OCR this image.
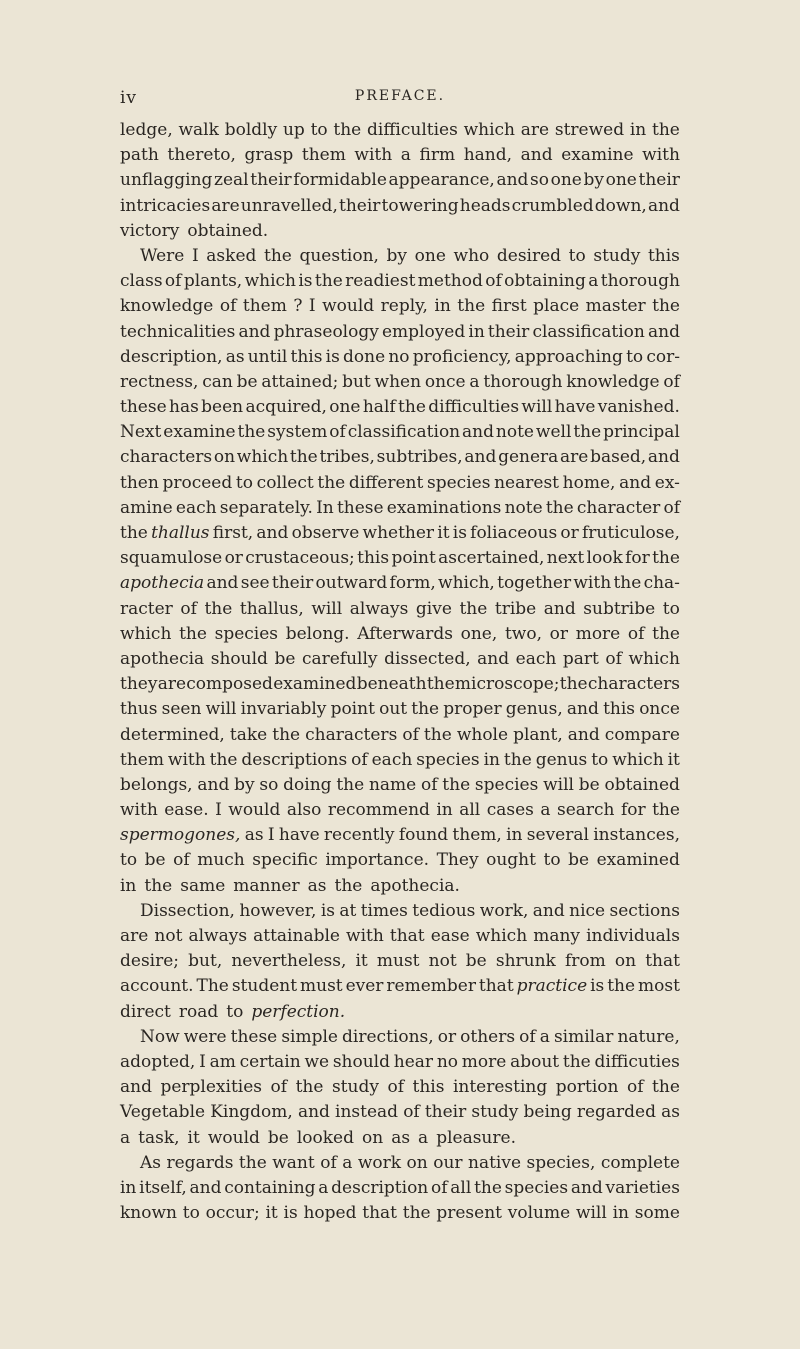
iv	PREFACE.
ledge, walk boldly up to the difficulties which are strewed in the
path thereto, grasp them with a firm hand, and examine with
unflagging zeal their formidable appearance, and so one by one their
intricacies are unravelled, their towering heads crumbled down, and
victory obtained.
Were I asked the question, by one who desired to study this
class of plants, which is the readiest method of obtaining a thorough
knowledge of them ? I would reply, in the first place master the
technicalities and phraseology employed in their classification and
description, as until this is done no proficiency, approaching to cor-
rectness, can be attained; but when once a thorough knowledge of
these has been acquired, one half the difficulties will have vanished.
Next examine the system of classification and note well the principal
characters on which the tribes, subtribes, and genera are based, and
then proceed to collect the different species nearest home, and ex-
amine each separately. In these examinations note the character of
the thallus first, and observe whether it is foliaceous or fruticulose,
squamulose or crustaceous; this point ascertained, next look for the
apothecia and see their outward form, which, together with the cha-
racter of the thallus, will always give the tribe and subtribe to
which the species belong. Afterwards one, two, or more of the
apothecia should be carefully dissected, and each part of which
they are composed examined beneath the microscope; the characters
thus seen will invariably point out the proper genus, and this once
determined, take the characters of the whole plant, and compare
them with the descriptions of each species in the genus to which it
belongs, and by so doing the name of the species will be obtained
with ease. I would also recommend in all cases a search for the
spermogones, as I have recently found them, in several instances,
to be of much specific importance. They ought to be examined
in the same manner as the apothecia.
Dissection, however, is at times tedious work, and nice sections
are not always attainable with that ease which many individuals
desire; but, nevertheless, it must not be shrunk from on that
account. The student must ever remember that practice is the most
direct road to perfection.
Now were these simple directions, or others of a similar nature,
adopted, I am certain we should hear no more about the difficuties
and perplexities of the study of this interesting portion of the
Vegetable Kingdom, and instead of their study being regarded as
a task, it would be looked on as a pleasure.
As regards the want of a work on our native species, complete
in itself, and containing a description of all the species and varieties
known to occur; it is hoped that the present volume will in some
